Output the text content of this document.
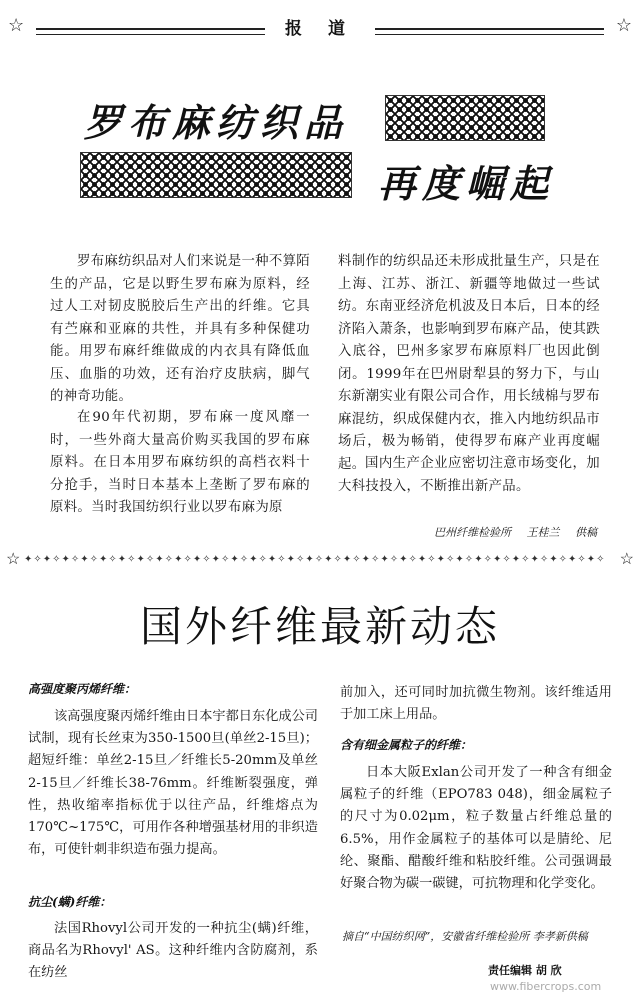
☆	☆
报 道
罗布麻纺织品
再度崛起

罗布麻纺织品对人们来说是一种不算陌生的产品，它是以野生罗布麻为原料，经过人工对韧皮脱胶后生产出的纤维。它具有苎麻和亚麻的共性，并具有多种保健功能。用罗布麻纤维做成的内衣具有降低血压、血脂的功效，还有治疗皮肤病，脚气的神奇功能。

在90年代初期，罗布麻一度风靡一时，一些外商大量高价购买我国的罗布麻原料。在日本用罗布麻纺织的高档衣料十分抢手，当时日本基本上垄断了罗布麻的原料。当时我国纺织行业以罗布麻为原

料制作的纺织品还未形成批量生产，只是在上海、江苏、浙江、新疆等地做过一些试纺。东南亚经济危机波及日本后，日本的经济陷入萧条，也影响到罗布麻产品，使其跌入底谷，巴州多家罗布麻原料厂也因此倒闭。1999年在巴州尉犁县的努力下，与山东新潮实业有限公司合作，用长绒棉与罗布麻混纺，织成保健内衣，推入内地纺织品市场后，极为畅销，使得罗布麻产业再度崛起。 国内生产企业应密切注意市场变化，加大科技投入，不断推出新产品。

巴州纤维检验所 王桂兰 供稿
☆ ✦✧✦✧✦✧✦✧✦✧✦✧✦✧✦✧✦✧✦✧✦✧✦✧✦✧✦✧✦✧✦✧✦✧✦✧✦✧✦✧✦✧✦✧✦✧✦✧✦✧✦✧✦✧✦✧✦✧✦✧✦✧ ☆
国外纤维最新动态
高强度聚丙烯纤维：

该高强度聚丙烯纤维由日本宇都日东化成公司试制，现有长丝束为350-1500旦(单丝2-15旦)；超短纤维：单丝2-15旦／纤维长5-20mm及单丝2-15旦／纤维长38-76mm。纤维断裂强度，弹性，热收缩率指标优于以往产品，纤维熔点为170℃~175℃，可用作各种增强基材用的非织造布，可使针刺非织造布强力提高。

抗尘(螨)纤维：

法国Rhovyl公司开发的一种抗尘(螨)纤维，商品名为Rhovyl' AS。这种纤维内含防腐剂，系在纺丝

前加入，还可同时加抗微生物剂。该纤维适用于加工床上用品。

含有细金属粒子的纤维：

日本大阪Exlan公司开发了一种含有细金属粒子的纤维（EPO783 048)，细金属粒子的尺寸为0.02μm，粒子数量占纤维总量的6.5%，用作金属粒子的基体可以是腈纶、尼纶、聚酯、醋酸纤维和粘胶纤维。公司强调最好聚合物为碳一碳键，可抗物理和化学变化。

摘自“中国纺织网”，安徽省纤维检验所 李孝新供稿
责任编辑 胡 欣
www.fibercrops.com
